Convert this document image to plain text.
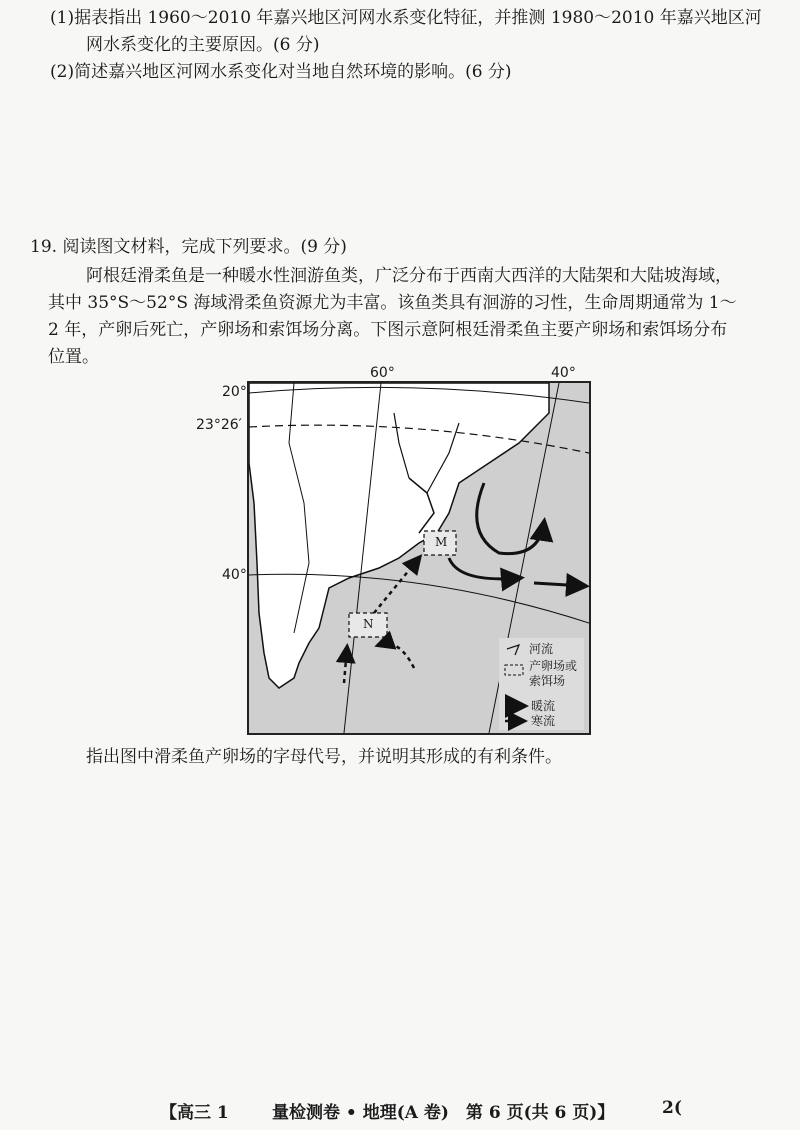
(1)据表指出 1960～2010 年嘉兴地区河网水系变化特征，并推测 1980～2010 年嘉兴地区河
网水系变化的主要原因。(6 分)
(2)简述嘉兴地区河网水系变化对当地自然环境的影响。(6 分)
19. 阅读图文材料，完成下列要求。(9 分)
阿根廷滑柔鱼是一种暖水性洄游鱼类，广泛分布于西南大西洋的大陆架和大陆坡海域，
其中 35°S～52°S 海域滑柔鱼资源尤为丰富。该鱼类具有洄游的习性，生命周期通常为 1～
2 年，产卵后死亡，产卵场和索饵场分离。下图示意阿根廷滑柔鱼主要产卵场和索饵场分布
位置。
60°	40°
20°
23°26′
40°
M
N
河流
产卵场或
索饵场
暖流
寒流
指出图中滑柔鱼产卵场的字母代号，并说明其形成的有利条件。
【高三 1	量检测卷 • 地理(A 卷)　第 6 页(共 6 页)】	2(
